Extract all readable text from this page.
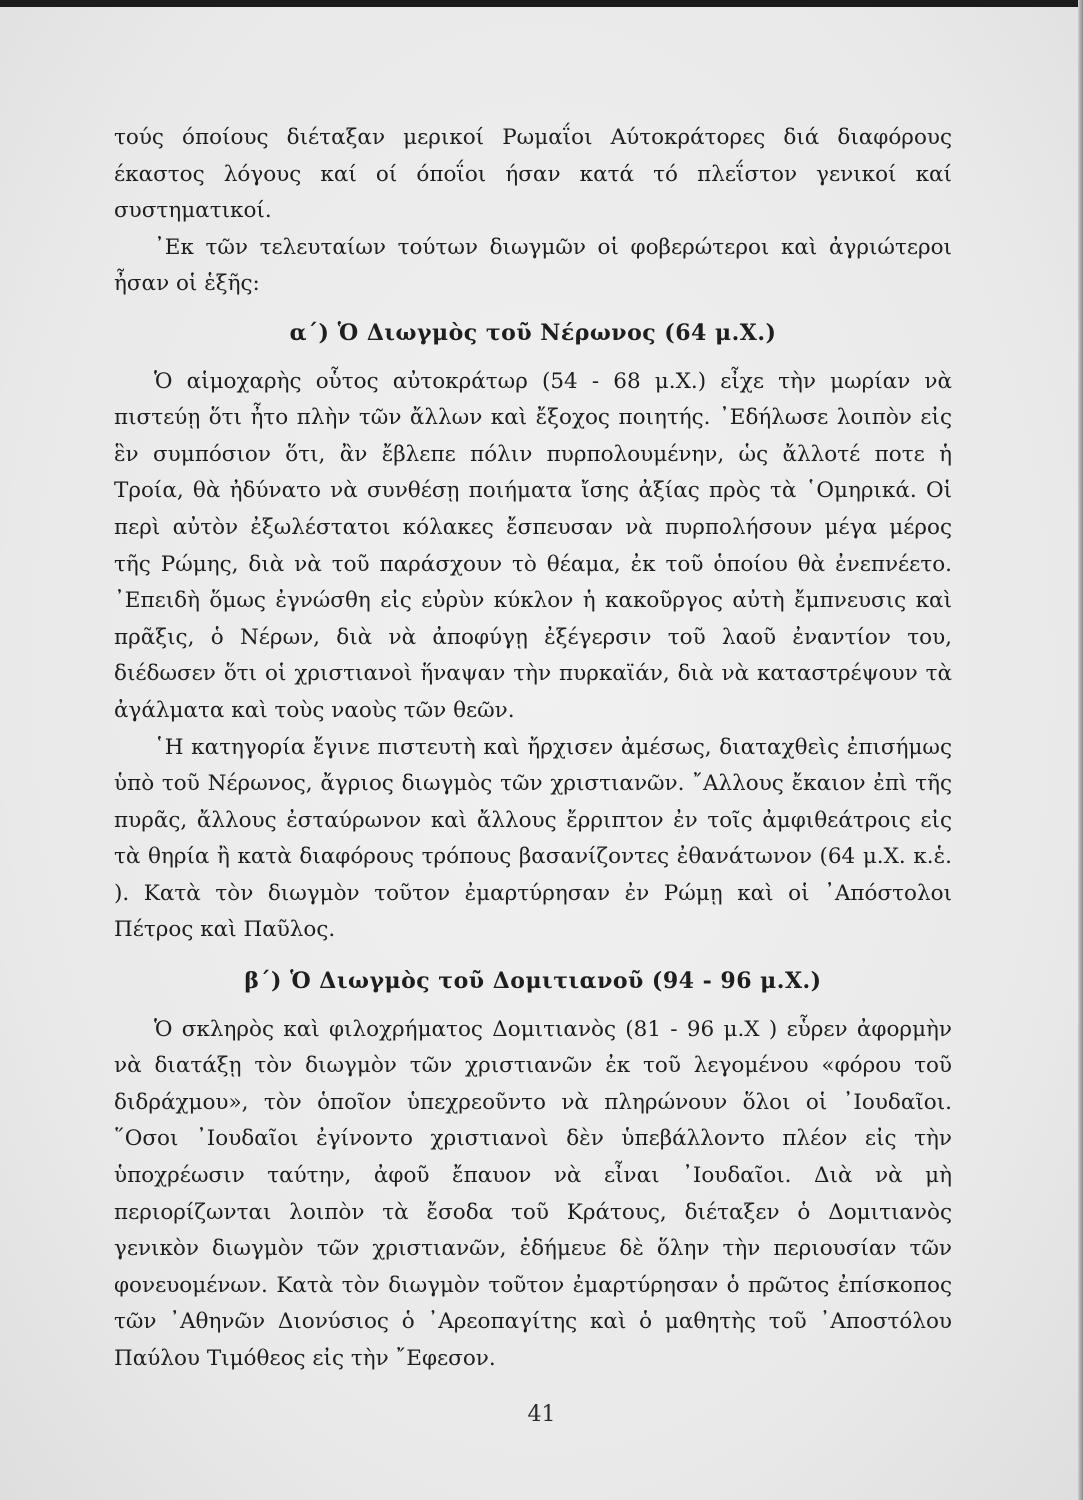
τούς όποίους διέταξαν μερικοί Ρωμαΐοι Αύτοκράτορες διά διαφόρους έκαστος λόγους καί οί όποΐοι ήσαν κατά τό πλεΐστον γενικοί καί συστηματικοί.

᾿Εκ τῶν τελευταίων τούτων διωγμῶν οἱ φοβερώτεροι καὶ ἀγριώτεροι ἦσαν οἱ ἑξῆς:

α΄) Ὁ Διωγμὸς τοῦ Νέρωνος (64 μ.Χ.)

Ὁ αἱμοχαρὴς οὗτος αὐτοκράτωρ (54 - 68 μ.Χ.) εἶχε τὴν μωρίαν νὰ πιστεύῃ ὅτι ἦτο πλὴν τῶν ἄλλων καὶ ἔξοχος ποιητής. ᾿Εδήλωσε λοιπὸν εἰς ἓν συμπόσιον ὅτι, ἂν ἔβλεπε πόλιν πυρπολουμένην, ὡς ἄλλοτέ ποτε ἡ Τροία, θὰ ἠδύνατο νὰ συνθέσῃ ποιήματα ἴσης ἀξίας πρὸς τὰ ῾Ομηρικά. Οἱ περὶ αὐτὸν ἐξωλέστατοι κόλακες ἔσπευσαν νὰ πυρπολήσουν μέγα μέρος τῆς Ρώμης, διὰ νὰ τοῦ παράσχουν τὸ θέαμα, ἐκ τοῦ ὁποίου θὰ ἐνεπνέετο. ᾿Επειδὴ ὅμως ἐγνώσθη εἰς εὐρὺν κύκλον ἡ κακοῦργος αὐτὴ ἔμπνευσις καὶ πρᾶξις, ὁ Νέρων, διὰ νὰ ἀποφύγῃ ἐξέγερσιν τοῦ λαοῦ ἐναντίον του, διέδωσεν ὅτι οἱ χριστιανοὶ ἥναψαν τὴν πυρκαϊάν, διὰ νὰ καταστρέψουν τὰ ἀγάλματα καὶ τοὺς ναοὺς τῶν θεῶν.

῾Η κατηγορία ἔγινε πιστευτὴ καὶ ἤρχισεν ἀμέσως, διαταχθεὶς ἐπισήμως ὑπὸ τοῦ Νέρωνος, ἄγριος διωγμὸς τῶν χριστιανῶν. ῎Αλλους ἔκαιον ἐπὶ τῆς πυρᾶς, ἄλλους ἐσταύρωνον καὶ ἄλλους ἔρριπτον ἐν τοῖς ἀμφιθεάτροις εἰς τὰ θηρία ἢ κατὰ διαφόρους τρόπους βασανίζοντες ἐθανάτωνον (64 μ.Χ. κ.ἑ. ). Κατὰ τὸν διωγμὸν τοῦτον ἐμαρτύρησαν ἐν Ρώμῃ καὶ οἱ ᾿Απόστολοι Πέτρος καὶ Παῦλος.

β΄) Ὁ Διωγμὸς τοῦ Δομιτιανοῦ (94 - 96 μ.Χ.)

Ὁ σκληρὸς καὶ φιλοχρήματος Δομιτιανὸς (81 - 96 μ.Χ ) εὗρεν ἀφορμὴν νὰ διατάξῃ τὸν διωγμὸν τῶν χριστιανῶν ἐκ τοῦ λεγομένου «φόρου τοῦ διδράχμου», τὸν ὁποῖον ὑπεχρεοῦντο νὰ πληρώνουν ὅλοι οἱ ᾿Ιουδαῖοι. ῞Οσοι ᾿Ιουδαῖοι ἐγίνοντο χριστιανοὶ δὲν ὑπεβάλλοντο πλέον εἰς τὴν ὑποχρέωσιν ταύτην, ἀφοῦ ἔπαυον νὰ εἶναι ᾿Ιουδαῖοι. Διὰ νὰ μὴ περιορίζωνται λοιπὸν τὰ ἔσοδα τοῦ Κράτους, διέταξεν ὁ Δομιτιανὸς γενικὸν διωγμὸν τῶν χριστιανῶν, ἐδήμευε δὲ ὅλην τὴν περιουσίαν τῶν φονευομένων. Κατὰ τὸν διωγμὸν τοῦτον ἐμαρτύρησαν ὁ πρῶτος ἐπίσκοπος τῶν ᾿Αθηνῶν Διονύσιος ὁ ᾿Αρεοπαγίτης καὶ ὁ μαθητὴς τοῦ ᾿Αποστόλου Παύλου Τιμόθεος εἰς τὴν ῎Εφεσον.

41
